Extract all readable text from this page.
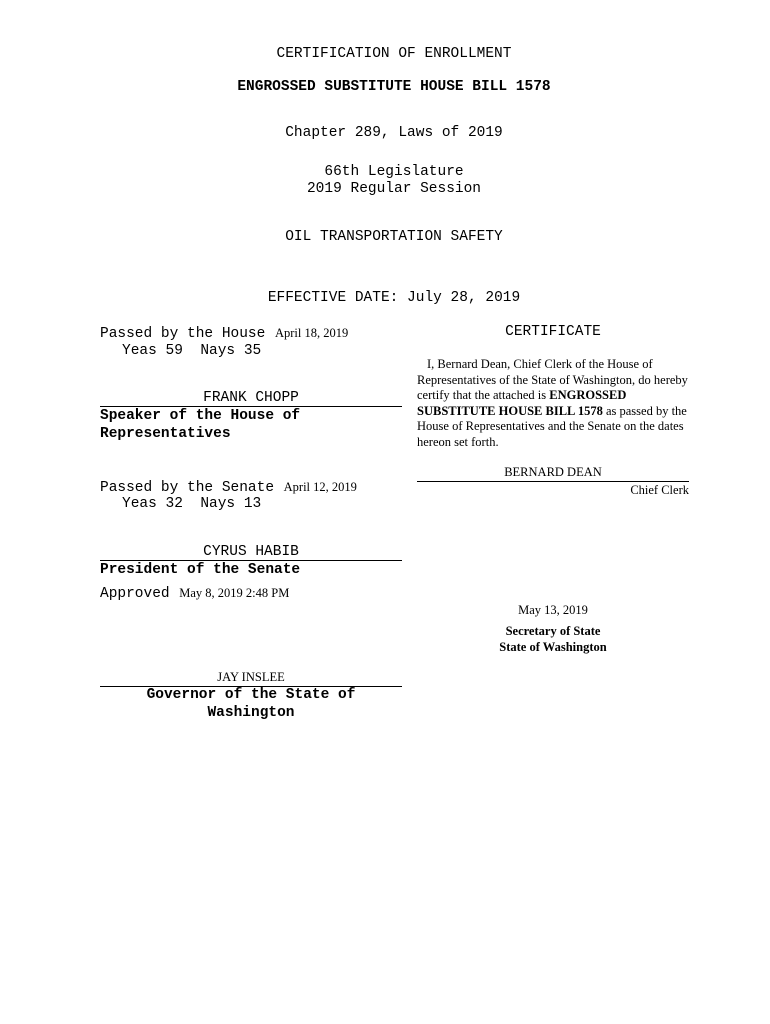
CERTIFICATION OF ENROLLMENT
ENGROSSED SUBSTITUTE HOUSE BILL 1578
Chapter 289, Laws of 2019
66th Legislature
2019 Regular Session
OIL TRANSPORTATION SAFETY
EFFECTIVE DATE: July 28, 2019
Passed by the House April 18, 2019
Yeas 59 Nays 35
FRANK CHOPP
Speaker of the House of
Representatives
Passed by the Senate April 12, 2019
Yeas 32 Nays 13
CYRUS HABIB
President of the Senate
Approved May 8, 2019 2:48 PM
JAY INSLEE
Governor of the State of
Washington
CERTIFICATE
I, Bernard Dean, Chief Clerk of the House of Representatives of the State of Washington, do hereby certify that the attached is ENGROSSED SUBSTITUTE HOUSE BILL 1578 as passed by the House of Representatives and the Senate on the dates hereon set forth.
BERNARD DEAN
Chief Clerk
May 13, 2019
Secretary of State
State of Washington
